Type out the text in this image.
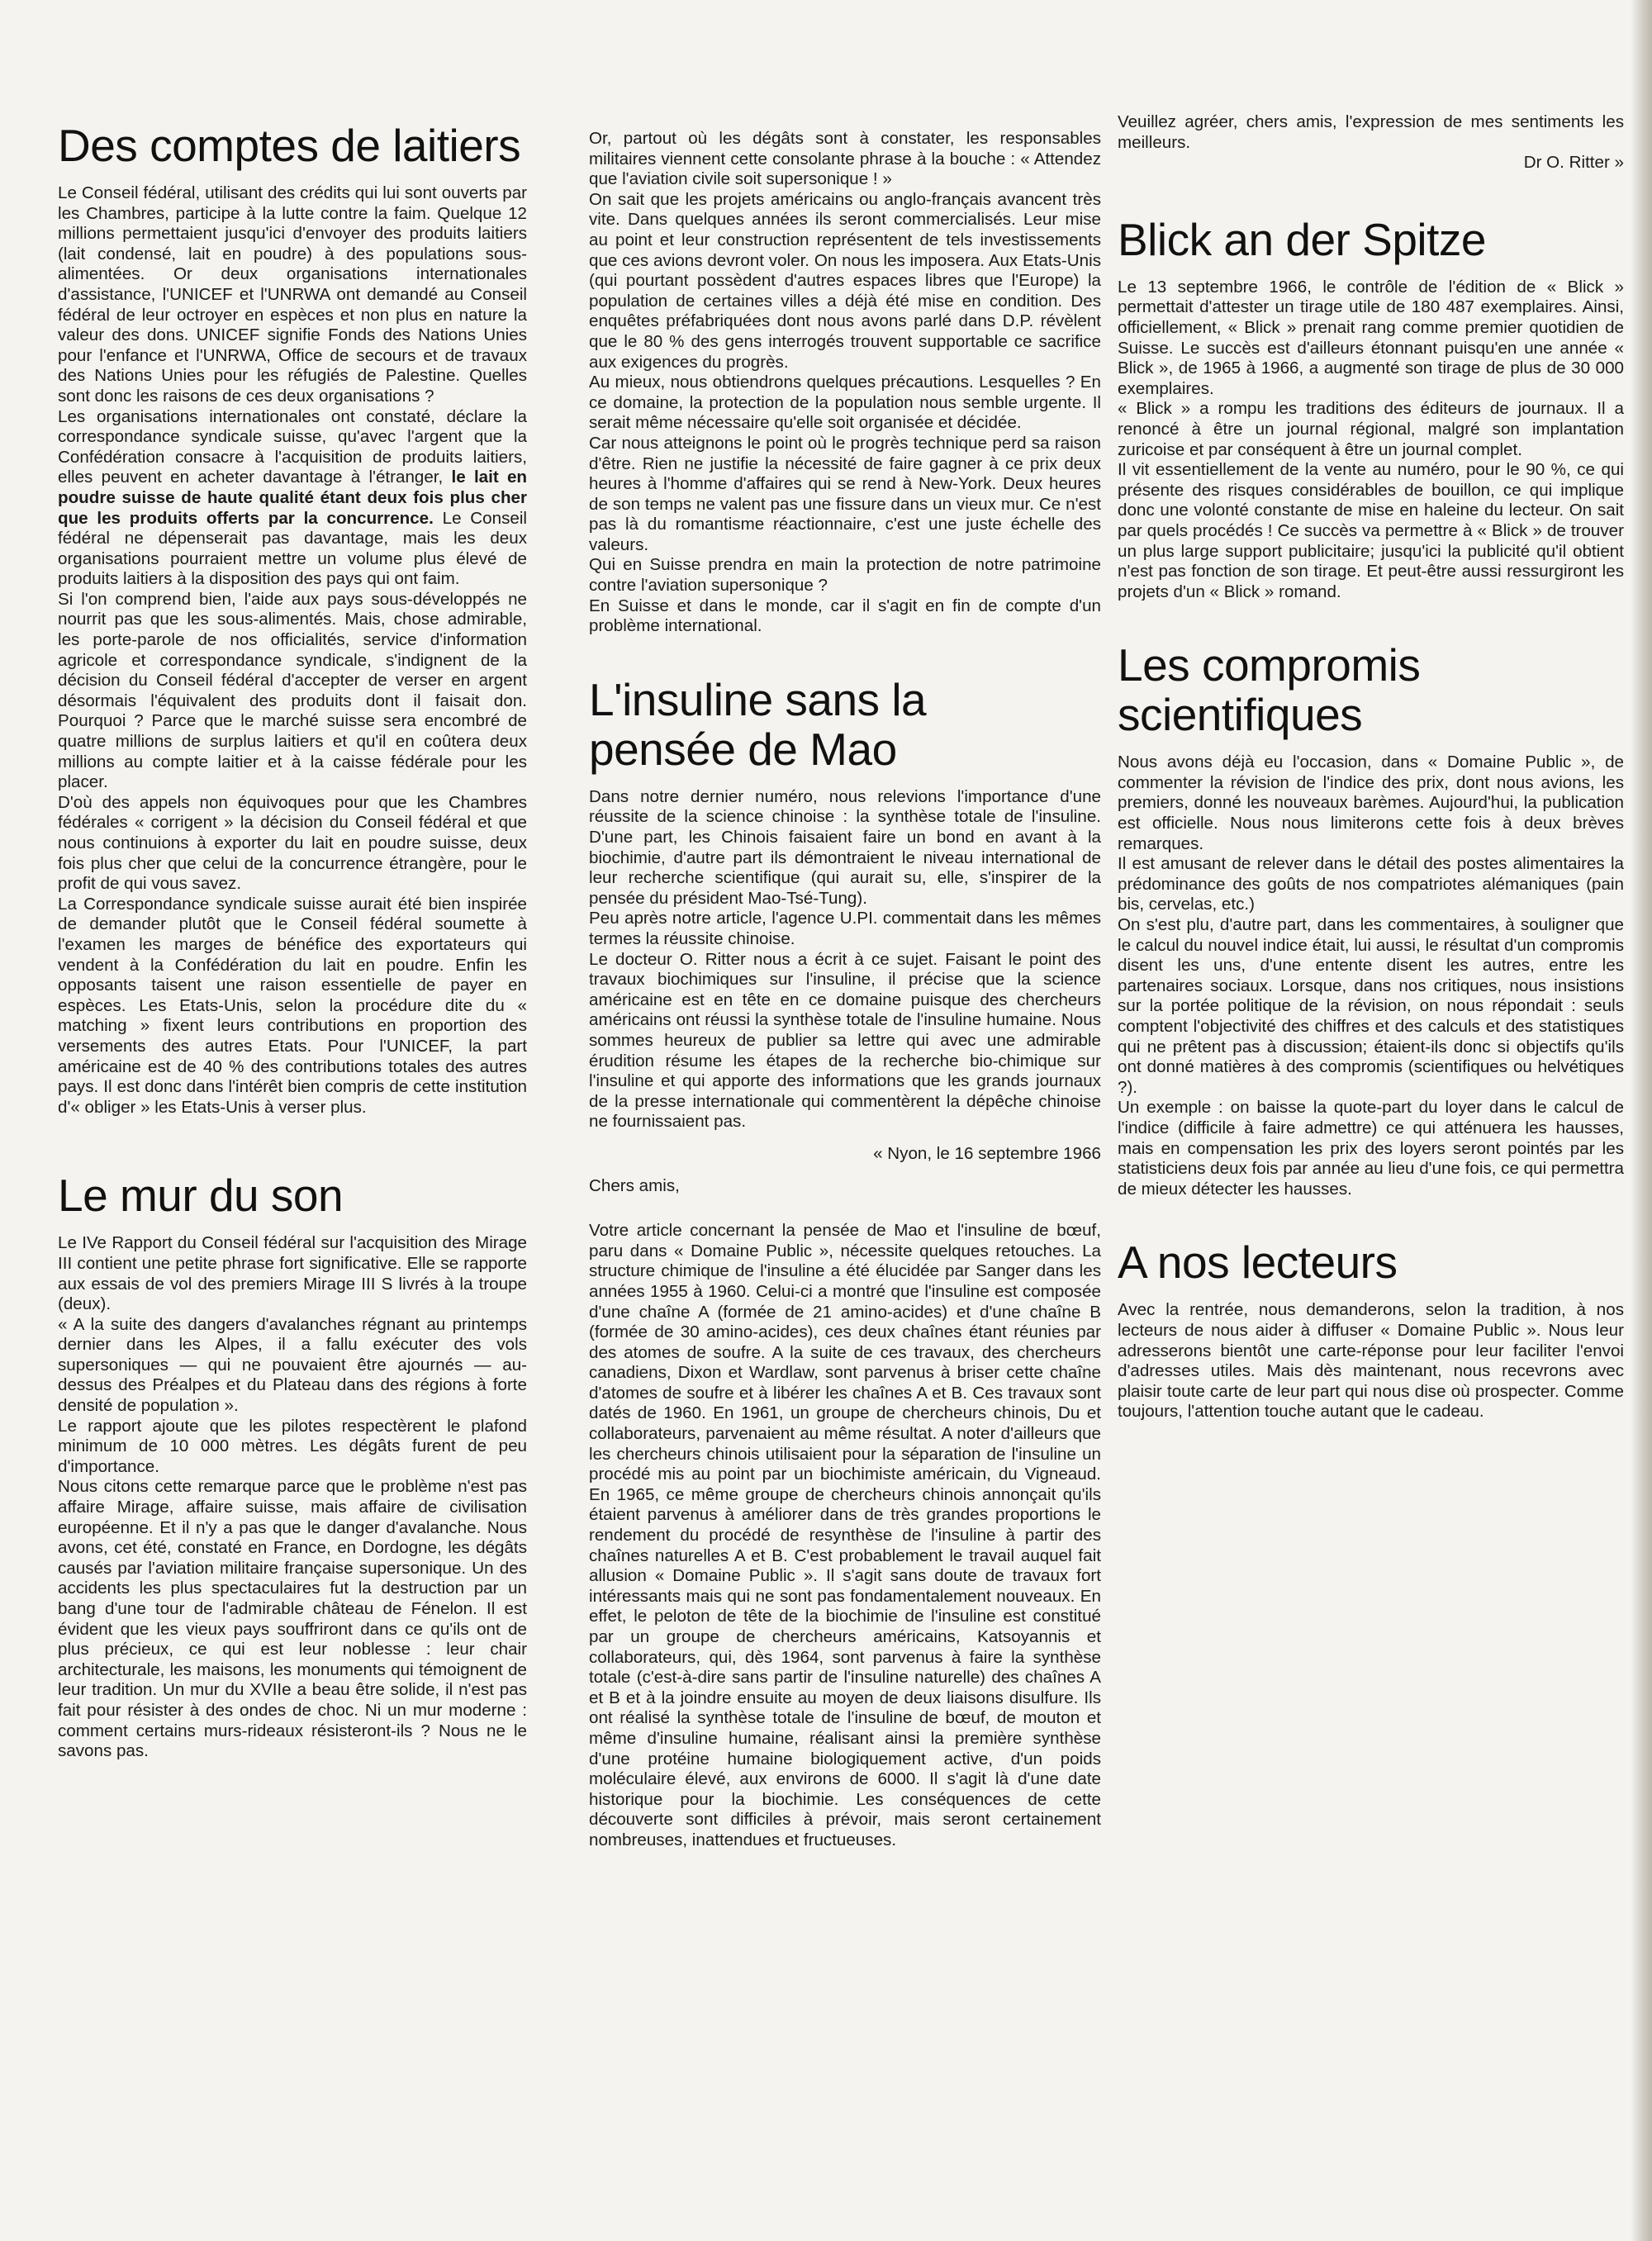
Des comptes de laitiers

Le Conseil fédéral, utilisant des crédits qui lui sont ouverts par les Chambres, participe à la lutte contre la faim. Quelque 12 millions permettaient jusqu'ici d'envoyer des produits laitiers (lait condensé, lait en poudre) à des populations sous-alimentées. Or deux organisations internationales d'assistance, l'UNICEF et l'UNRWA ont demandé au Conseil fédéral de leur octroyer en espèces et non plus en nature la valeur des dons. UNICEF signifie Fonds des Nations Unies pour l'enfance et l'UNRWA, Office de secours et de travaux des Nations Unies pour les réfugiés de Palestine. Quelles sont donc les raisons de ces deux organisations ?

Les organisations internationales ont constaté, déclare la correspondance syndicale suisse, qu'avec l'argent que la Confédération consacre à l'acquisition de produits laitiers, elles peuvent en acheter davantage à l'étranger, le lait en poudre suisse de haute qualité étant deux fois plus cher que les produits offerts par la concurrence. Le Conseil fédéral ne dépenserait pas davantage, mais les deux organisations pourraient mettre un volume plus élevé de produits laitiers à la disposition des pays qui ont faim.

Si l'on comprend bien, l'aide aux pays sous-développés ne nourrit pas que les sous-alimentés. Mais, chose admirable, les porte-parole de nos officialités, service d'information agricole et correspondance syndicale, s'indignent de la décision du Conseil fédéral d'accepter de verser en argent désormais l'équivalent des produits dont il faisait don. Pourquoi ? Parce que le marché suisse sera encombré de quatre millions de surplus laitiers et qu'il en coûtera deux millions au compte laitier et à la caisse fédérale pour les placer.

D'où des appels non équivoques pour que les Chambres fédérales « corrigent » la décision du Conseil fédéral et que nous continuions à exporter du lait en poudre suisse, deux fois plus cher que celui de la concurrence étrangère, pour le profit de qui vous savez.

La Correspondance syndicale suisse aurait été bien inspirée de demander plutôt que le Conseil fédéral soumette à l'examen les marges de bénéfice des exportateurs qui vendent à la Confédération du lait en poudre. Enfin les opposants taisent une raison essentielle de payer en espèces. Les Etats-Unis, selon la procédure dite du « matching » fixent leurs contributions en proportion des versements des autres Etats. Pour l'UNICEF, la part américaine est de 40 % des contributions totales des autres pays. Il est donc dans l'intérêt bien compris de cette institution d'« obliger » les Etats-Unis à verser plus.

Le mur du son

Le IVe Rapport du Conseil fédéral sur l'acquisition des Mirage III contient une petite phrase fort significative. Elle se rapporte aux essais de vol des premiers Mirage III S livrés à la troupe (deux).

« A la suite des dangers d'avalanches régnant au printemps dernier dans les Alpes, il a fallu exécuter des vols supersoniques — qui ne pouvaient être ajournés — au-dessus des Préalpes et du Plateau dans des régions à forte densité de population ».

Le rapport ajoute que les pilotes respectèrent le plafond minimum de 10 000 mètres. Les dégâts furent de peu d'importance.

Nous citons cette remarque parce que le problème n'est pas affaire Mirage, affaire suisse, mais affaire de civilisation européenne. Et il n'y a pas que le danger d'avalanche. Nous avons, cet été, constaté en France, en Dordogne, les dégâts causés par l'aviation militaire française supersonique. Un des accidents les plus spectaculaires fut la destruction par un bang d'une tour de l'admirable château de Fénelon. Il est évident que les vieux pays souffriront dans ce qu'ils ont de plus précieux, ce qui est leur noblesse : leur chair architecturale, les maisons, les monuments qui témoignent de leur tradition. Un mur du XVIIe a beau être solide, il n'est pas fait pour résister à des ondes de choc. Ni un mur moderne : comment certains murs-rideaux résisteront-ils ? Nous ne le savons pas.

Or, partout où les dégâts sont à constater, les responsables militaires viennent cette consolante phrase à la bouche : « Attendez que l'aviation civile soit supersonique ! »

On sait que les projets américains ou anglo-français avancent très vite. Dans quelques années ils seront commercialisés. Leur mise au point et leur construction représentent de tels investissements que ces avions devront voler. On nous les imposera. Aux Etats-Unis (qui pourtant possèdent d'autres espaces libres que l'Europe) la population de certaines villes a déjà été mise en condition. Des enquêtes préfabriquées dont nous avons parlé dans D.P. révèlent que le 80 % des gens interrogés trouvent supportable ce sacrifice aux exigences du progrès.

Au mieux, nous obtiendrons quelques précautions. Lesquelles ? En ce domaine, la protection de la population nous semble urgente. Il serait même nécessaire qu'elle soit organisée et décidée.

Car nous atteignons le point où le progrès technique perd sa raison d'être. Rien ne justifie la nécessité de faire gagner à ce prix deux heures à l'homme d'affaires qui se rend à New-York. Deux heures de son temps ne valent pas une fissure dans un vieux mur. Ce n'est pas là du romantisme réactionnaire, c'est une juste échelle des valeurs.

Qui en Suisse prendra en main la protection de notre patrimoine contre l'aviation supersonique ?

En Suisse et dans le monde, car il s'agit en fin de compte d'un problème international.

L'insuline sans la
pensée de Mao

Dans notre dernier numéro, nous relevions l'importance d'une réussite de la science chinoise : la synthèse totale de l'insuline. D'une part, les Chinois faisaient faire un bond en avant à la biochimie, d'autre part ils démontraient le niveau international de leur recherche scientifique (qui aurait su, elle, s'inspirer de la pensée du président Mao-Tsé-Tung).

Peu après notre article, l'agence U.PI. commentait dans les mêmes termes la réussite chinoise.

Le docteur O. Ritter nous a écrit à ce sujet. Faisant le point des travaux biochimiques sur l'insuline, il précise que la science américaine est en tête en ce domaine puisque des chercheurs américains ont réussi la synthèse totale de l'insuline humaine. Nous sommes heureux de publier sa lettre qui avec une admirable érudition résume les étapes de la recherche bio-chimique sur l'insuline et qui apporte des informations que les grands journaux de la presse internationale qui commentèrent la dépêche chinoise ne fournissaient pas.

« Nyon, le 16 septembre 1966

Chers amis,

Votre article concernant la pensée de Mao et l'insuline de bœuf, paru dans « Domaine Public », nécessite quelques retouches. La structure chimique de l'insuline a été élucidée par Sanger dans les années 1955 à 1960. Celui-ci a montré que l'insuline est composée d'une chaîne A (formée de 21 amino-acides) et d'une chaîne B (formée de 30 amino-acides), ces deux chaînes étant réunies par des atomes de soufre. A la suite de ces travaux, des chercheurs canadiens, Dixon et Wardlaw, sont parvenus à briser cette chaîne d'atomes de soufre et à libérer les chaînes A et B. Ces travaux sont datés de 1960. En 1961, un groupe de chercheurs chinois, Du et collaborateurs, parvenaient au même résultat. A noter d'ailleurs que les chercheurs chinois utilisaient pour la séparation de l'insuline un procédé mis au point par un biochimiste américain, du Vigneaud. En 1965, ce même groupe de chercheurs chinois annonçait qu'ils étaient parvenus à améliorer dans de très grandes proportions le rendement du procédé de resynthèse de l'insuline à partir des chaînes naturelles A et B. C'est probablement le travail auquel fait allusion « Domaine Public ». Il s'agit sans doute de travaux fort intéressants mais qui ne sont pas fondamentalement nouveaux. En effet, le peloton de tête de la biochimie de l'insuline est constitué par un groupe de chercheurs américains, Katsoyannis et collaborateurs, qui, dès 1964, sont parvenus à faire la synthèse totale (c'est-à-dire sans partir de l'insuline naturelle) des chaînes A et B et à la joindre ensuite au moyen de deux liaisons disulfure. Ils ont réalisé la synthèse totale de l'insuline de bœuf, de mouton et même d'insuline humaine, réalisant ainsi la première synthèse d'une protéine humaine biologiquement active, d'un poids moléculaire élevé, aux environs de 6000. Il s'agit là d'une date historique pour la biochimie. Les conséquences de cette découverte sont difficiles à prévoir, mais seront certainement nombreuses, inattendues et fructueuses.

Veuillez agréer, chers amis, l'expression de mes sentiments les meilleurs.

Dr O. Ritter »

Blick an der Spitze

Le 13 septembre 1966, le contrôle de l'édition de « Blick » permettait d'attester un tirage utile de 180 487 exemplaires. Ainsi, officiellement, « Blick » prenait rang comme premier quotidien de Suisse. Le succès est d'ailleurs étonnant puisqu'en une année « Blick », de 1965 à 1966, a augmenté son tirage de plus de 30 000 exemplaires.

« Blick » a rompu les traditions des éditeurs de journaux. Il a renoncé à être un journal régional, malgré son implantation zuricoise et par conséquent à être un journal complet.

Il vit essentiellement de la vente au numéro, pour le 90 %, ce qui présente des risques considérables de bouillon, ce qui implique donc une volonté constante de mise en haleine du lecteur. On sait par quels procédés ! Ce succès va permettre à « Blick » de trouver un plus large support publicitaire; jusqu'ici la publicité qu'il obtient n'est pas fonction de son tirage. Et peut-être aussi ressurgiront les projets d'un « Blick » romand.

Les compromis
scientifiques

Nous avons déjà eu l'occasion, dans « Domaine Public », de commenter la révision de l'indice des prix, dont nous avions, les premiers, donné les nouveaux barèmes. Aujourd'hui, la publication est officielle. Nous nous limiterons cette fois à deux brèves remarques.

Il est amusant de relever dans le détail des postes alimentaires la prédominance des goûts de nos compatriotes alémaniques (pain bis, cervelas, etc.)

On s'est plu, d'autre part, dans les commentaires, à souligner que le calcul du nouvel indice était, lui aussi, le résultat d'un compromis disent les uns, d'une entente disent les autres, entre les partenaires sociaux. Lorsque, dans nos critiques, nous insistions sur la portée politique de la révision, on nous répondait : seuls comptent l'objectivité des chiffres et des calculs et des statistiques qui ne prêtent pas à discussion; étaient-ils donc si objectifs qu'ils ont donné matières à des compromis (scientifiques ou helvétiques ?).

Un exemple : on baisse la quote-part du loyer dans le calcul de l'indice (difficile à faire admettre) ce qui atténuera les hausses, mais en compensation les prix des loyers seront pointés par les statisticiens deux fois par année au lieu d'une fois, ce qui permettra de mieux détecter les hausses.

A nos lecteurs

Avec la rentrée, nous demanderons, selon la tradition, à nos lecteurs de nous aider à diffuser « Domaine Public ». Nous leur adresserons bientôt une carte-réponse pour leur faciliter l'envoi d'adresses utiles. Mais dès maintenant, nous recevrons avec plaisir toute carte de leur part qui nous dise où prospecter. Comme toujours, l'attention touche autant que le cadeau.
